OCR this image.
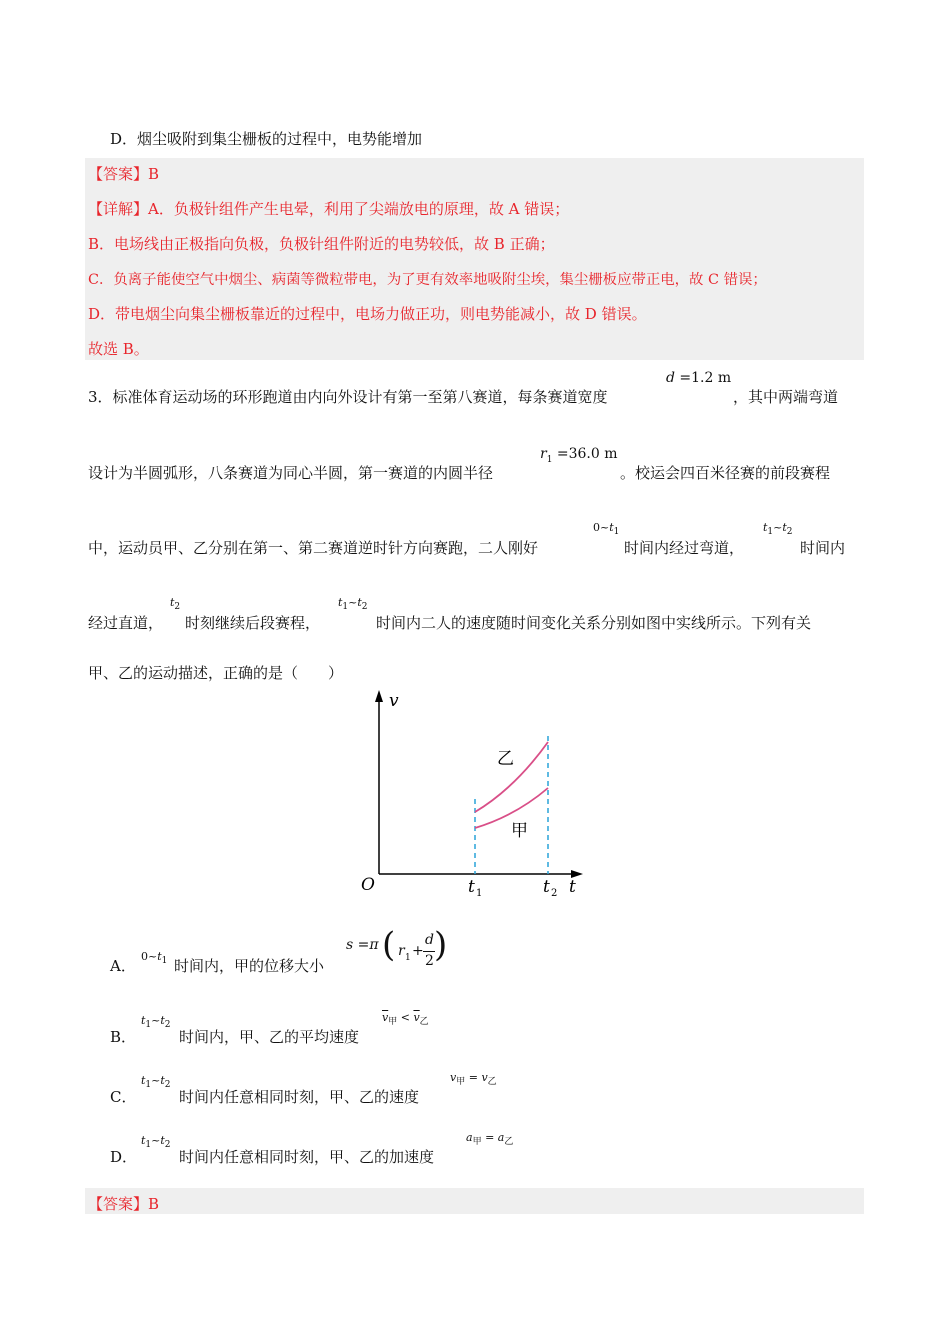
D．烟尘吸附到集尘栅板的过程中，电势能增加
【答案】B
【详解】A．负极针组件产生电晕，利用了尖端放电的原理，故 A 错误；
B．电场线由正极指向负极，负极针组件附近的电势较低，故 B 正确；
C．负离子能使空气中烟尘、病菌等微粒带电，为了更有效率地吸附尘埃，集尘栅板应带正电，故 C 错误；
D．带电烟尘向集尘栅板靠近的过程中，电场力做正功，则电势能减小，故 D 错误。
故选 B。
3．标准体育运动场的环形跑道由内向外设计有第一至第八赛道，每条赛道宽度
d =1.2 m
，其中两端弯道
设计为半圆弧形，八条赛道为同心半圆，第一赛道的内圆半径
$r_1 =36.0$ m
。校运会四百米径赛的前段赛程
中，运动员甲、乙分别在第一、第二赛道逆时针方向赛跑，二人刚好
$0\sim t_1$
时间内经过弯道，
$t_1\sim t_2$
时间内
经过直道，
$t_2$
时刻继续后段赛程，
$t_1\sim t_2$
时间内二人的速度随时间变化关系分别如图中实线所示。下列有关
甲、乙的运动描述，正确的是（　　）
v
t
O	t 1	t 2
乙
甲
A．
$0\sim t_1$ 时间内，甲的位移大小
s =π ( r 1 +
d
2 )
B．
$t_1\sim t_2$
时间内，甲、乙的平均速度
$\overline{v}_甲 < \overline{v}_乙$
C．
$t_1\sim t_2$
时间内任意相同时刻，甲、乙的速度
$v_甲 = v_乙$
D．
$t_1\sim t_2$
时间内任意相同时刻，甲、乙的加速度
$a_甲 = a_乙$
【答案】B
